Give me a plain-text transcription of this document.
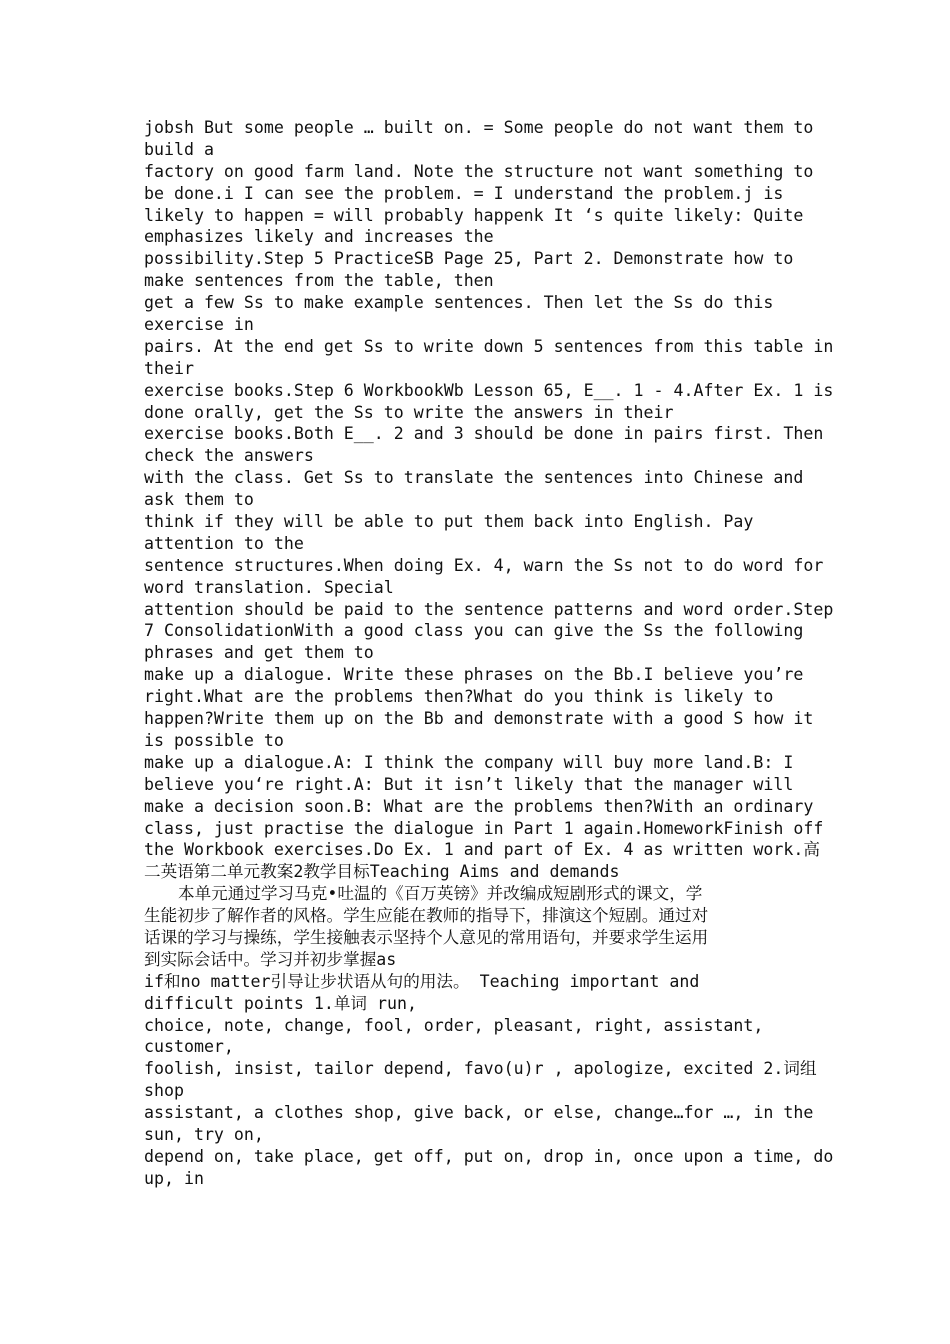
jobsh But some people … built on. = Some people do not want them to
build a
factory on good farm land. Note the structure not want something to
be done.i I can see the problem. = I understand the problem.j is
likely to happen = will probably happenk It ‘s quite likely: Quite
emphasizes likely and increases the
possibility.Step 5 PracticeSB Page 25, Part 2. Demonstrate how to
make sentences from the table, then
get a few Ss to make example sentences. Then let the Ss do this
exercise in
pairs. At the end get Ss to write down 5 sentences from this table in
their
exercise books.Step 6 WorkbookWb Lesson 65, E__. 1 - 4.After Ex. 1 is
done orally, get the Ss to write the answers in their
exercise books.Both E__. 2 and 3 should be done in pairs first. Then
check the answers
with the class. Get Ss to translate the sentences into Chinese and
ask them to
think if they will be able to put them back into English. Pay
attention to the
sentence structures.When doing Ex. 4, warn the Ss not to do word for
word translation. Special
attention should be paid to the sentence patterns and word order.Step
7 ConsolidationWith a good class you can give the Ss the following
phrases and get them to
make up a dialogue. Write these phrases on the Bb.I believe you’re
right.What are the problems then?What do you think is likely to
happen?Write them up on the Bb and demonstrate with a good S how it
is possible to
make up a dialogue.A: I think the company will buy more land.B: I
believe you‘re right.A: But it isn’t likely that the manager will
make a decision soon.B: What are the problems then?With an ordinary
class, just practise the dialogue in Part 1 again.HomeworkFinish off
the Workbook exercises.Do Ex. 1 and part of Ex. 4 as written work.高
二英语第二单元教案2教学目标Teaching Aims and demands
本单元通过学习马克•吐温的《百万英镑》并改编成短剧形式的课文，学
生能初步了解作者的风格。学生应能在教师的指导下，排演这个短剧。通过对
话课的学习与操练，学生接触表示坚持个人意见的常用语句，并要求学生运用
到实际会话中。学习并初步掌握as
if和no matter引导让步状语从句的用法。 Teaching important and
difficult points 1.单词 run,
choice, note, change, fool, order, pleasant, right, assistant,
customer,
foolish, insist, tailor depend, favo(u)r , apologize, excited 2.词组
shop
assistant, a clothes shop, give back, or else, change…for …, in the
sun, try on,
depend on, take place, get off, put on, drop in, once upon a time, do
up, in
